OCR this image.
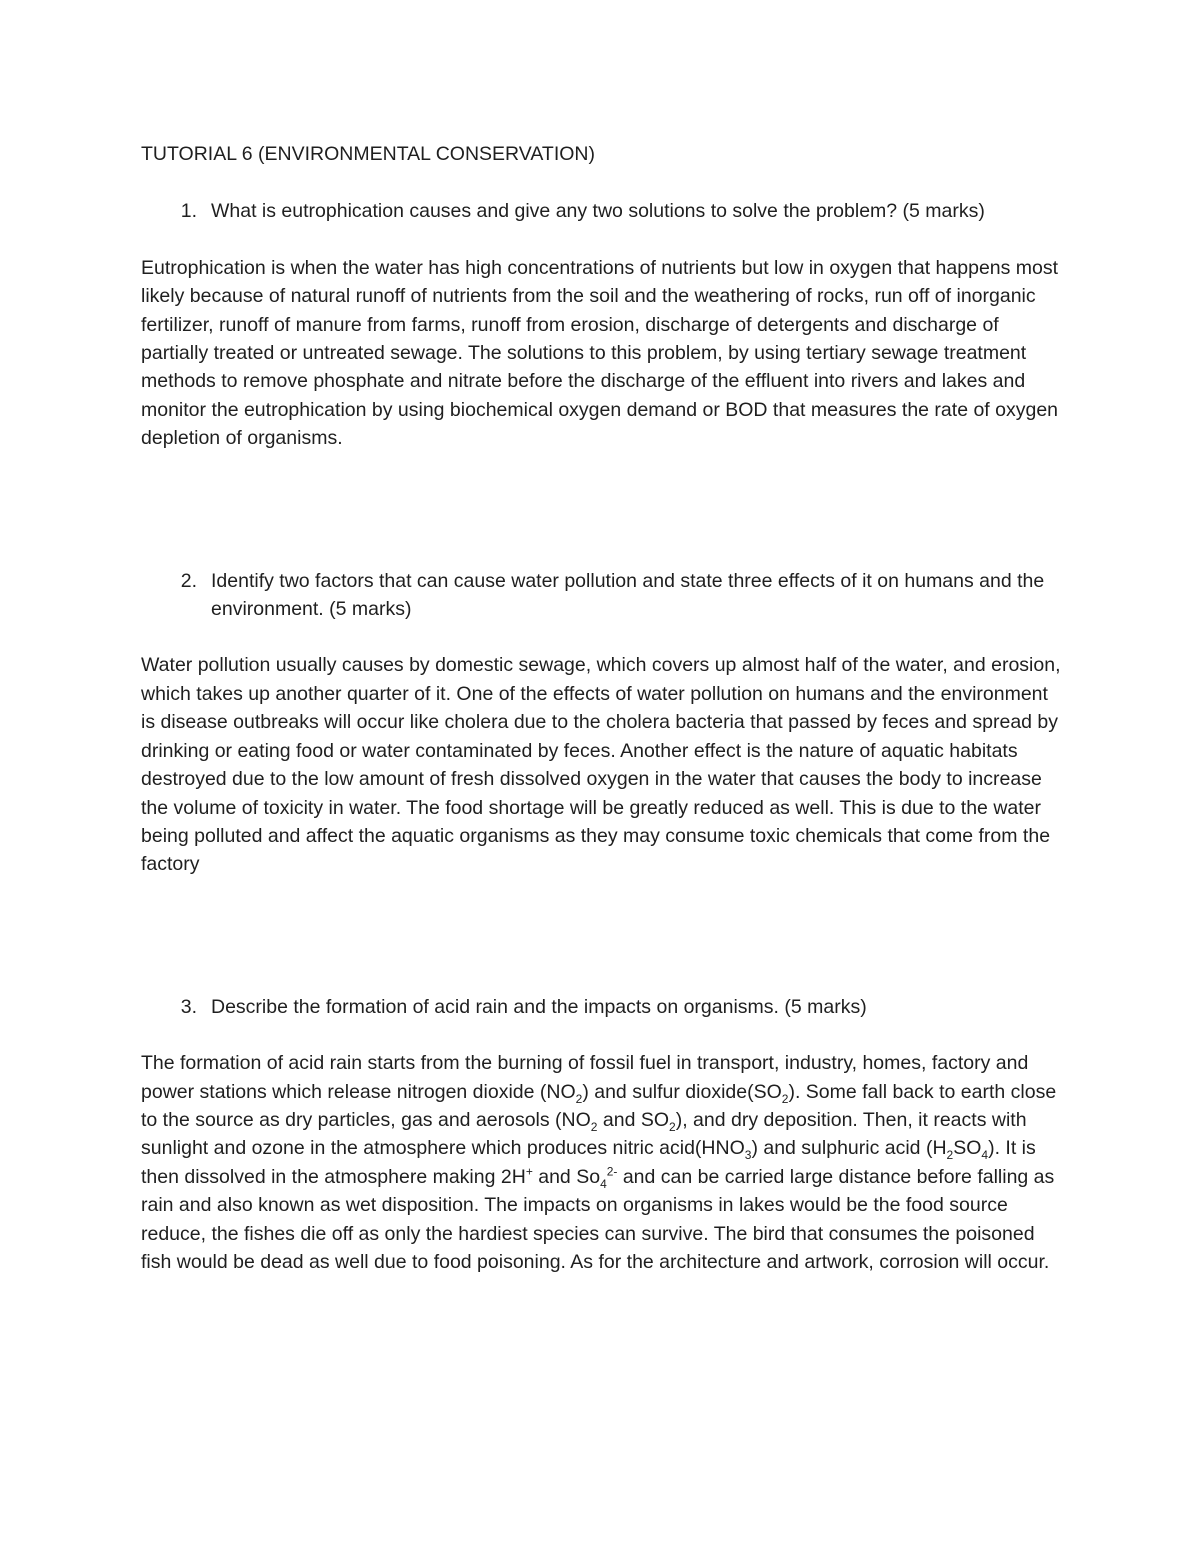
TUTORIAL 6 (ENVIRONMENTAL CONSERVATION)

1. What is eutrophication causes and give any two solutions to solve the problem? (5 marks)

Eutrophication is when the water has high concentrations of nutrients but low in oxygen that happens most likely because of natural runoff of nutrients from the soil and the weathering of rocks, run off of inorganic fertilizer, runoff of manure from farms, runoff from erosion, discharge of detergents and discharge of partially treated or untreated sewage. The solutions to this problem, by using tertiary sewage treatment methods to remove phosphate and nitrate before the discharge of the effluent into rivers and lakes and monitor the eutrophication by using biochemical oxygen demand or BOD that measures the rate of oxygen depletion of organisms.

2. Identify two factors that can cause water pollution and state three effects of it on humans and the environment. (5 marks)

Water pollution usually causes by domestic sewage, which covers up almost half of the water, and erosion, which takes up another quarter of it. One of the effects of water pollution on humans and the environment is disease outbreaks will occur like cholera due to the cholera bacteria that passed by feces and spread by drinking or eating food or water contaminated by feces. Another effect is the nature of aquatic habitats destroyed due to the low amount of fresh dissolved oxygen in the water that causes the body to increase the volume of toxicity in water. The food shortage will be greatly reduced as well. This is due to the water being polluted and affect the aquatic organisms as they may consume toxic chemicals that come from the factory

3. Describe the formation of acid rain and the impacts on organisms. (5 marks)

The formation of acid rain starts from the burning of fossil fuel in transport, industry, homes, factory and power stations which release nitrogen dioxide $(NO_2)$ and sulfur $dioxide(SO_2)$. Some fall back to earth close to the source as dry particles, gas and aerosols ($NO_2$ and $SO_2$), and dry deposition. Then, it reacts with sunlight and ozone in the atmosphere which produces nitric $acid(HNO_3)$ and sulphuric acid $(H_2SO_4)$. It is then dissolved in the atmosphere making 2H+ and $So_4^{2-}$ and can be carried large distance before falling as rain and also known as wet disposition. The impacts on organisms in lakes would be the food source reduce, the fishes die off as only the hardiest species can survive. The bird that consumes the poisoned fish would be dead as well due to food poisoning. As for the architecture and artwork, corrosion will occur.
